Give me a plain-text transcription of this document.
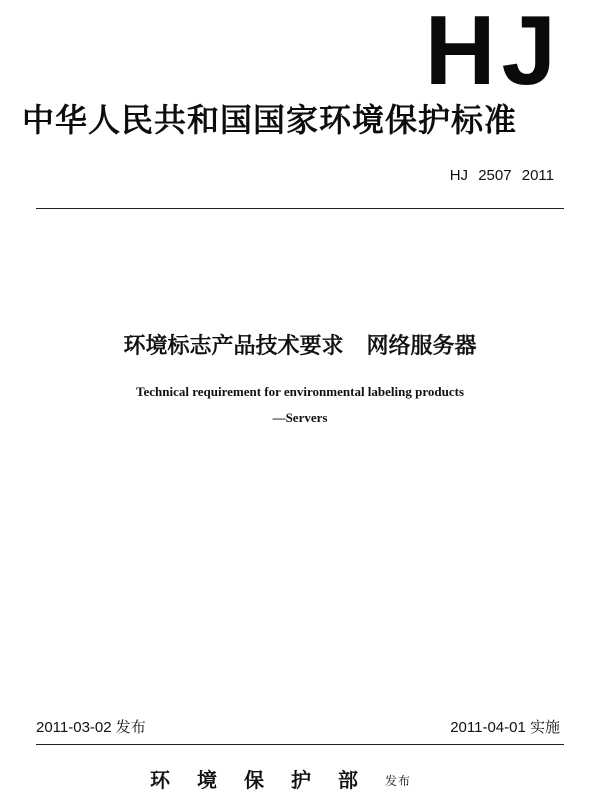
HJ
中华人民共和国国家环境保护标准
HJ 2507 2011
环境标志产品技术要求   网络服务器
Technical requirement for environmental labeling products
—Servers
2011-03-02 发布	2011-04-01 实施
环境保护部发布
